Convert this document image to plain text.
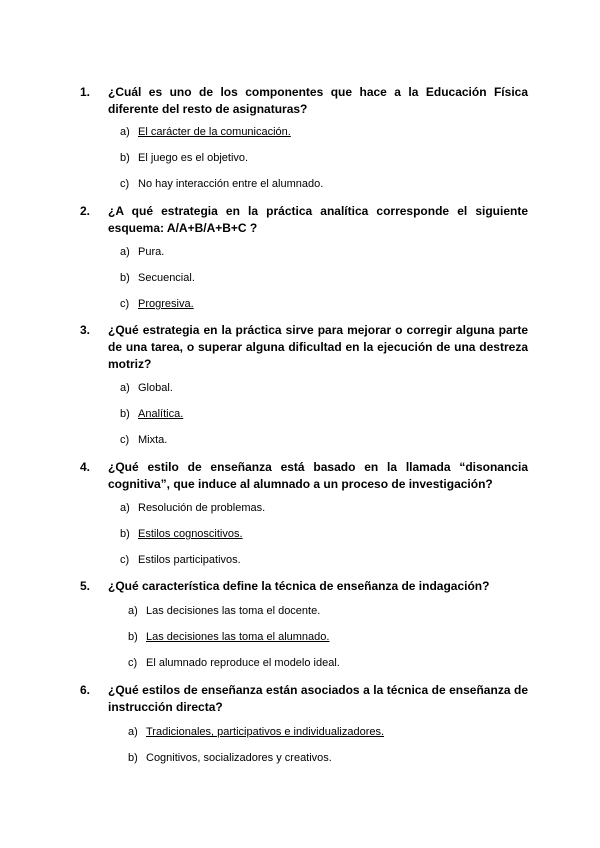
1. ¿Cuál es uno de los componentes que hace a la Educación Física diferente del resto de asignaturas?
a) El carácter de la comunicación.
b) El juego es el objetivo.
c) No hay interacción entre el alumnado.
2. ¿A qué estrategia en la práctica analítica corresponde el siguiente esquema: A/A+B/A+B+C ?
a) Pura.
b) Secuencial.
c) Progresiva.
3. ¿Qué estrategia en la práctica sirve para mejorar o corregir alguna parte de una tarea, o superar alguna dificultad en la ejecución de una destreza motriz?
a) Global.
b) Analítica.
c) Mixta.
4. ¿Qué estilo de enseñanza está basado en la llamada “disonancia cognitiva”, que induce al alumnado a un proceso de investigación?
a) Resolución de problemas.
b) Estilos cognoscitivos.
c) Estilos participativos.
5. ¿Qué característica define la técnica de enseñanza de indagación?
a) Las decisiones las toma el docente.
b) Las decisiones las toma el alumnado.
c) El alumnado reproduce el modelo ideal.
6. ¿Qué estilos de enseñanza están asociados a la técnica de enseñanza de instrucción directa?
a) Tradicionales, participativos e individualizadores.
b) Cognitivos, socializadores y creativos.
